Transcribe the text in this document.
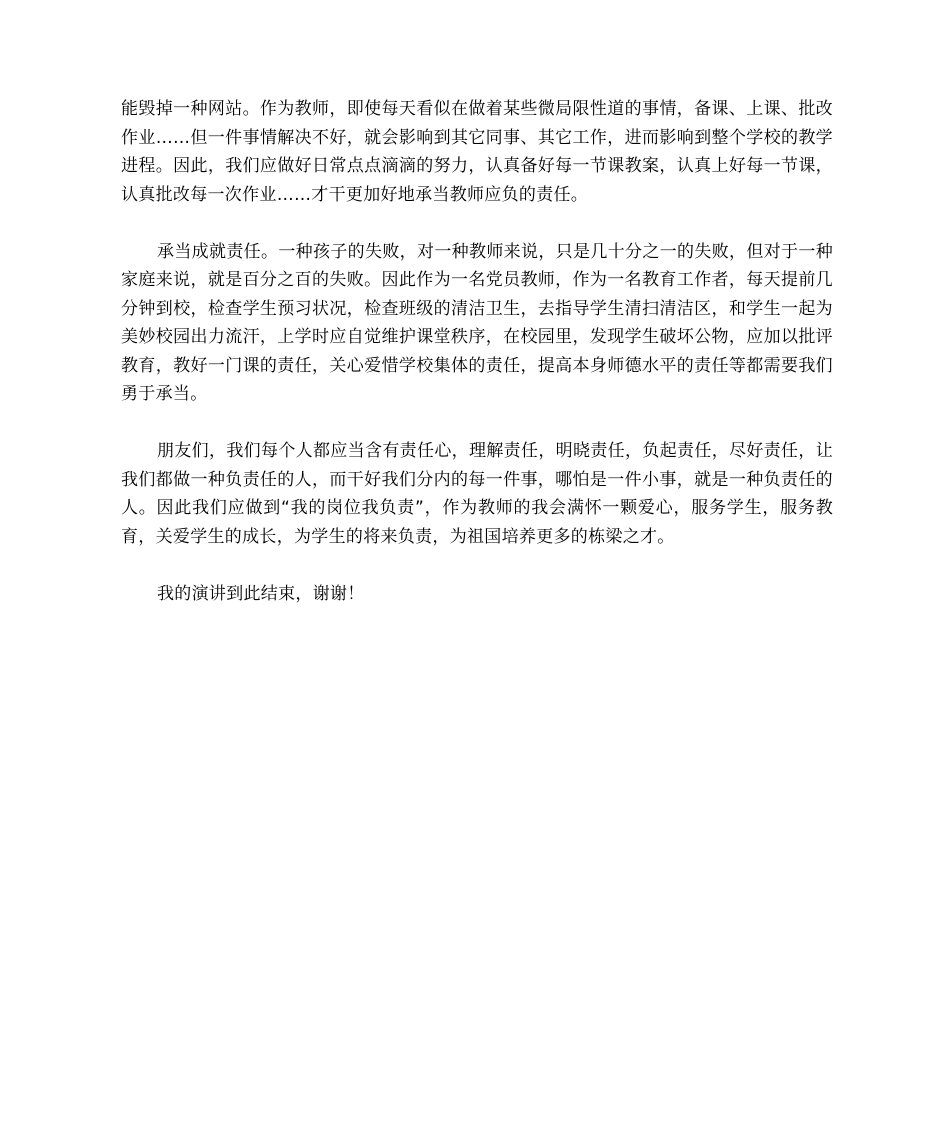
能毁掉一种网站。作为教师，即使每天看似在做着某些微局限性道的事情，备课、上课、批改作业……但一件事情解决不好，就会影响到其它同事、其它工作，进而影响到整个学校的教学进程。因此，我们应做好日常点点滴滴的努力，认真备好每一节课教案，认真上好每一节课，认真批改每一次作业……才干更加好地承当教师应负的责任。

承当成就责任。一种孩子的失败，对一种教师来说，只是几十分之一的失败，但对于一种家庭来说，就是百分之百的失败。因此作为一名党员教师，作为一名教育工作者，每天提前几分钟到校，检查学生预习状况，检查班级的清洁卫生，去指导学生清扫清洁区，和学生一起为美妙校园出力流汗，上学时应自觉维护课堂秩序，在校园里，发现学生破坏公物，应加以批评教育，教好一门课的责任，关心爱惜学校集体的责任，提高本身师德水平的责任等都需要我们勇于承当。

朋友们，我们每个人都应当含有责任心，理解责任，明晓责任，负起责任，尽好责任，让我们都做一种负责任的人，而干好我们分内的每一件事，哪怕是一件小事，就是一种负责任的人。因此我们应做到“我的岗位我负责”，作为教师的我会满怀一颗爱心，服务学生，服务教育，关爱学生的成长，为学生的将来负责，为祖国培养更多的栋梁之才。

我的演讲到此结束，谢谢！
